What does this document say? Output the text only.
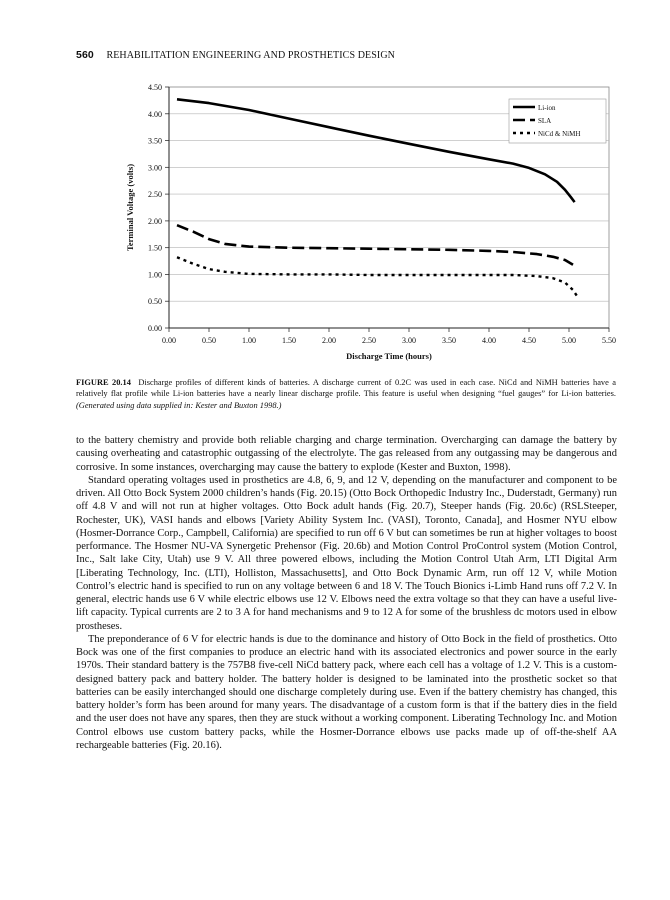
560 REHABILITATION ENGINEERING AND PROSTHETICS DESIGN
0.00
0.50
1.00
1.50
2.00
2.50
3.00
3.50
4.00
4.50
0.00	0.50	1.00	1.50	2.00	2.50	3.00	3.50	4.00	4.50	5.00	5.50
Discharge Time (hours)
Terminal Voltage (volts)
Li-ion
SLA
NiCd & NiMH
FIGURE 20.14 Discharge profiles of different kinds of batteries. A discharge current of 0.2C was used in each case. NiCd and NiMH batteries have a relatively flat profile while Li-ion batteries have a nearly linear discharge profile. This feature is useful when designing “fuel gauges” for Li-ion batteries. (Generated using data supplied in: Kester and Buxton 1998.)

to the battery chemistry and provide both reliable charging and charge termination. Overcharging can damage the battery by causing overheating and catastrophic outgassing of the electrolyte. The gas released from any outgassing may be dangerous and corrosive. In some instances, overcharging may cause the battery to explode (Kester and Buxton, 1998).

Standard operating voltages used in prosthetics are 4.8, 6, 9, and 12 V, depending on the manufacturer and component to be driven. All Otto Bock System 2000 children’s hands (Fig. 20.15) (Otto Bock Orthopedic Industry Inc., Duderstadt, Germany) run off 4.8 V and will not run at higher voltages. Otto Bock adult hands (Fig. 20.7), Steeper hands (Fig. 20.6c) (RSLSteeper, Rochester, UK), VASI hands and elbows [Variety Ability System Inc. (VASI), Toronto, Canada], and Hosmer NYU elbow (Hosmer-Dorrance Corp., Campbell, California) are specified to run off 6 V but can sometimes be run at higher voltages to boost performance. The Hosmer NU-VA Synergetic Prehensor (Fig. 20.6b) and Motion Control ProControl system (Motion Control, Inc., Salt lake City, Utah) use 9 V. All three powered elbows, including the Motion Control Utah Arm, LTI Digital Arm [Liberating Technology, Inc. (LTI), Holliston, Massachusetts], and Otto Bock Dynamic Arm, run off 12 V, while Motion Control’s electric hand is specified to run on any voltage between 6 and 18 V. The Touch Bionics i-Limb Hand runs off 7.2 V. In general, electric hands use 6 V while electric elbows use 12 V. Elbows need the extra voltage so that they can have a useful live-lift capacity. Typical currents are 2 to 3 A for hand mechanisms and 9 to 12 A for some of the brushless dc motors used in elbow prostheses.

The preponderance of 6 V for electric hands is due to the dominance and history of Otto Bock in the field of prosthetics. Otto Bock was one of the first companies to produce an electric hand with its associated electronics and power source in the early 1970s. Their standard battery is the 757B8 five-cell NiCd battery pack, where each cell has a voltage of 1.2 V. This is a custom-designed battery pack and battery holder. The battery holder is designed to be laminated into the prosthetic socket so that batteries can be easily interchanged should one discharge completely during use. Even if the battery chemistry has changed, this battery holder’s form has been around for many years. The disadvantage of a custom form is that if the battery dies in the field and the user does not have any spares, then they are stuck without a working component. Liberating Technology Inc. and Motion Control elbows use custom battery packs, while the Hosmer-Dorrance elbows use packs made up of off-the-shelf AA rechargeable batteries (Fig. 20.16).
